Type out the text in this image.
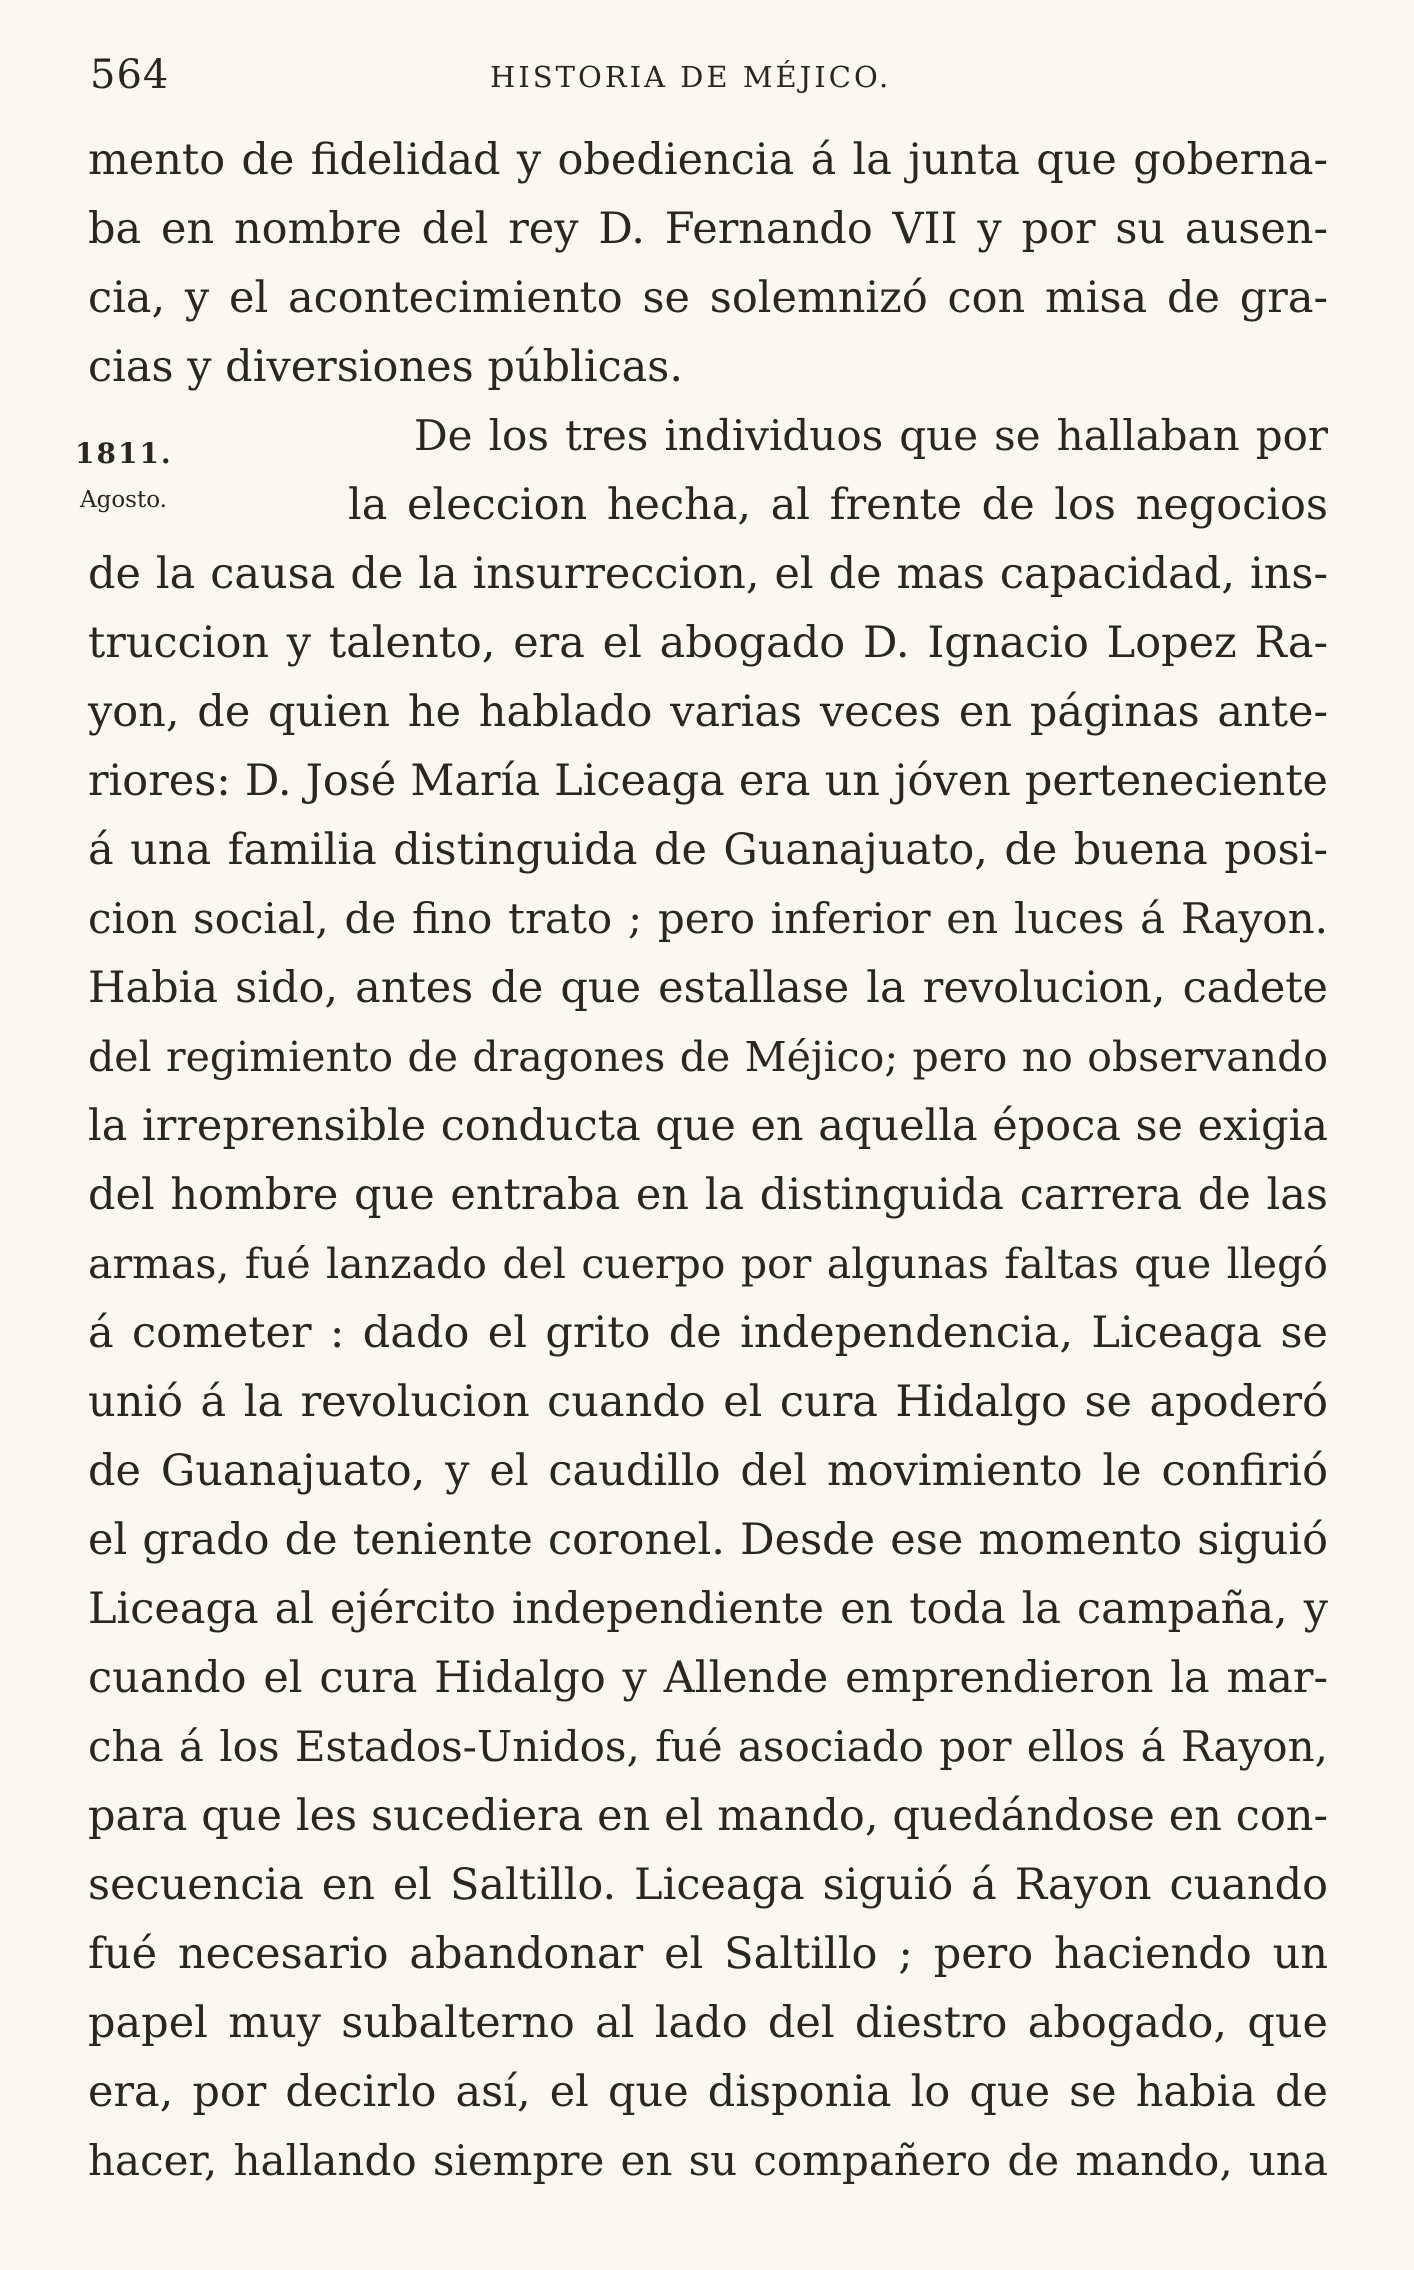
564	HISTORIA DE MÉJICO.
1811.
Agosto.
mento de fidelidad y obediencia á la junta que goberna-
ba en nombre del rey D. Fernando VII y por su ausen-
cia, y el acontecimiento se solemnizó con misa de gra-
cias y diversiones públicas.
De los tres individuos que se hallaban por
la eleccion hecha, al frente de los negocios
de la causa de la insurreccion, el de mas capacidad, ins-
truccion y talento, era el abogado D. Ignacio Lopez Ra-
yon, de quien he hablado varias veces en páginas ante-
riores: D. José María Liceaga era un jóven perteneciente
á una familia distinguida de Guanajuato, de buena posi-
cion social, de fino trato ; pero inferior en luces á Rayon.
Habia sido, antes de que estallase la revolucion, cadete
del regimiento de dragones de Méjico; pero no observando
la irreprensible conducta que en aquella época se exigia
del hombre que entraba en la distinguida carrera de las
armas, fué lanzado del cuerpo por algunas faltas que llegó
á cometer : dado el grito de independencia, Liceaga se
unió á la revolucion cuando el cura Hidalgo se apoderó
de Guanajuato, y el caudillo del movimiento le confirió
el grado de teniente coronel. Desde ese momento siguió
Liceaga al ejército independiente en toda la campaña, y
cuando el cura Hidalgo y Allende emprendieron la mar-
cha á los Estados-Unidos, fué asociado por ellos á Rayon,
para que les sucediera en el mando, quedándose en con-
secuencia en el Saltillo. Liceaga siguió á Rayon cuando
fué necesario abandonar el Saltillo ; pero haciendo un
papel muy subalterno al lado del diestro abogado, que
era, por decirlo así, el que disponia lo que se habia de
hacer, hallando siempre en su compañero de mando, una
